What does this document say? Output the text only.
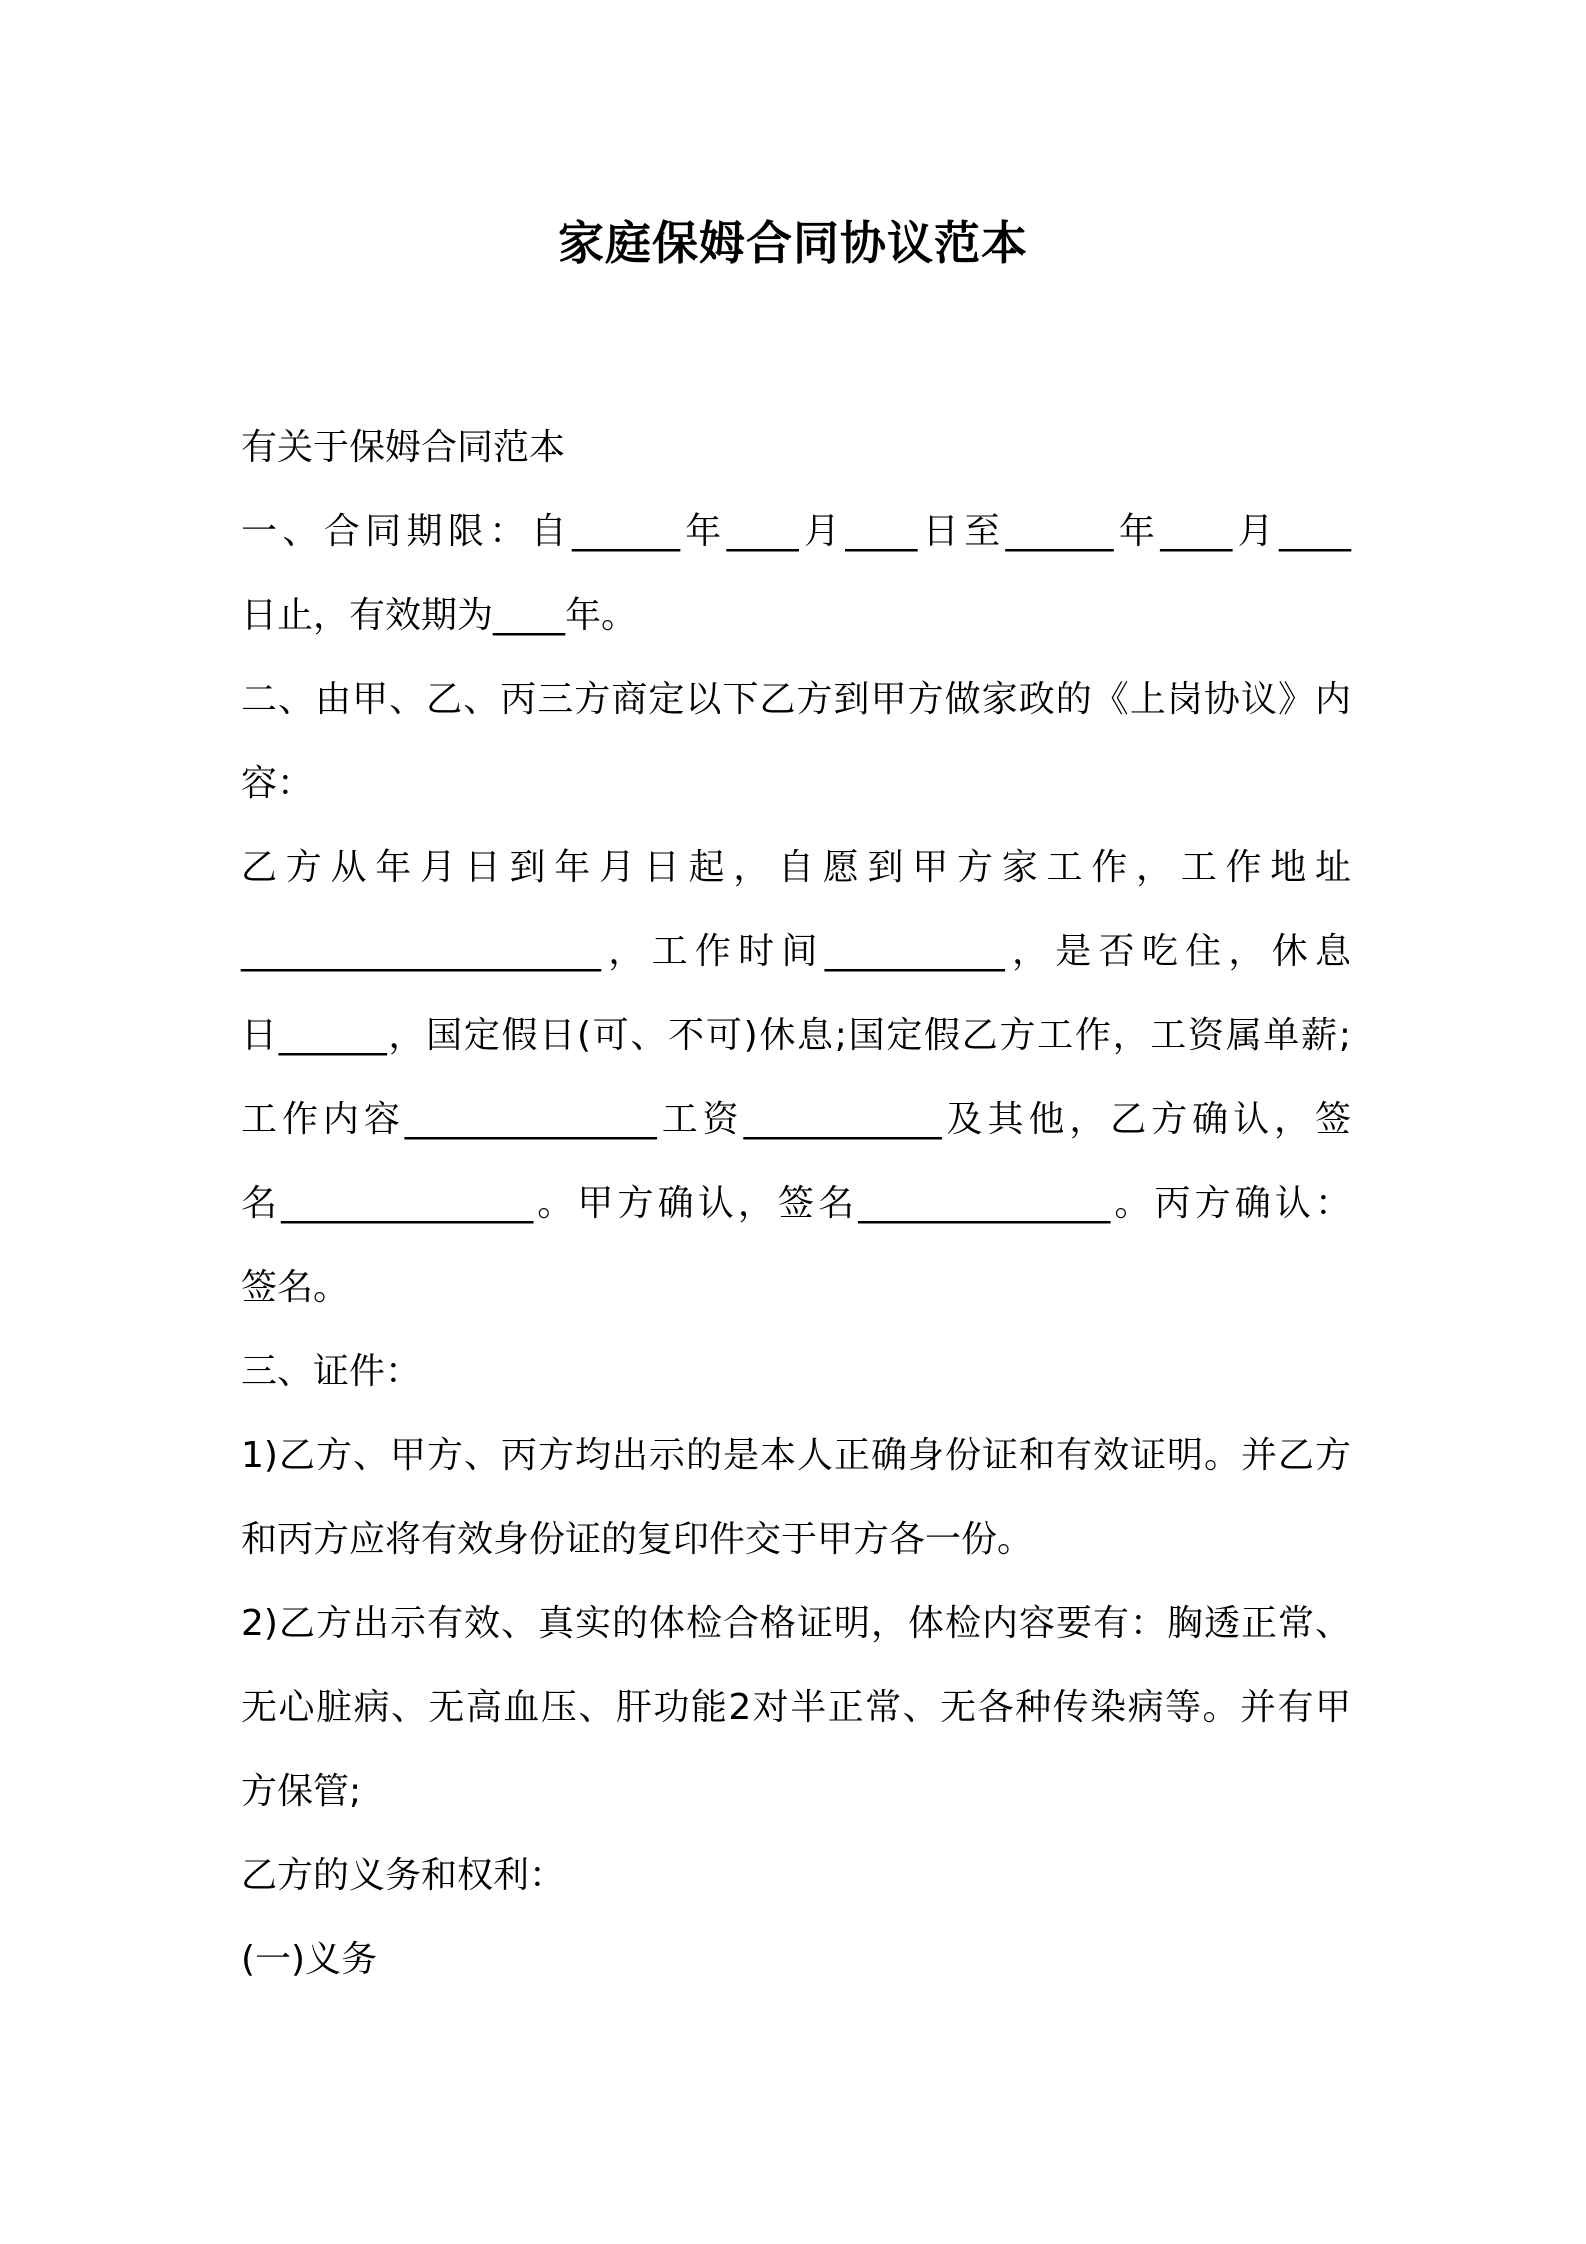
家庭保姆合同协议范本
有关于保姆合同范本
一、合同期限：自______年____月____日至______年____月____
日止，有效期为____年。
二、由甲、乙、丙三方商定以下乙方到甲方做家政的《上岗协议》内
容：
乙方从年月日到年月日起，自愿到甲方家工作，工作地址
____________________，工作时间__________，是否吃住，休息
日______，国定假日(可、不可)休息;国定假乙方工作，工资属单薪;
工作内容______________工资___________及其他，乙方确认，签
名______________。甲方确认，签名______________。丙方确认：
签名。
三、证件：
1)乙方、甲方、丙方均出示的是本人正确身份证和有效证明。并乙方
和丙方应将有效身份证的复印件交于甲方各一份。
2)乙方出示有效、真实的体检合格证明，体检内容要有：胸透正常、
无心脏病、无高血压、肝功能2对半正常、无各种传染病等。并有甲
方保管;
乙方的义务和权利：
(一)义务
